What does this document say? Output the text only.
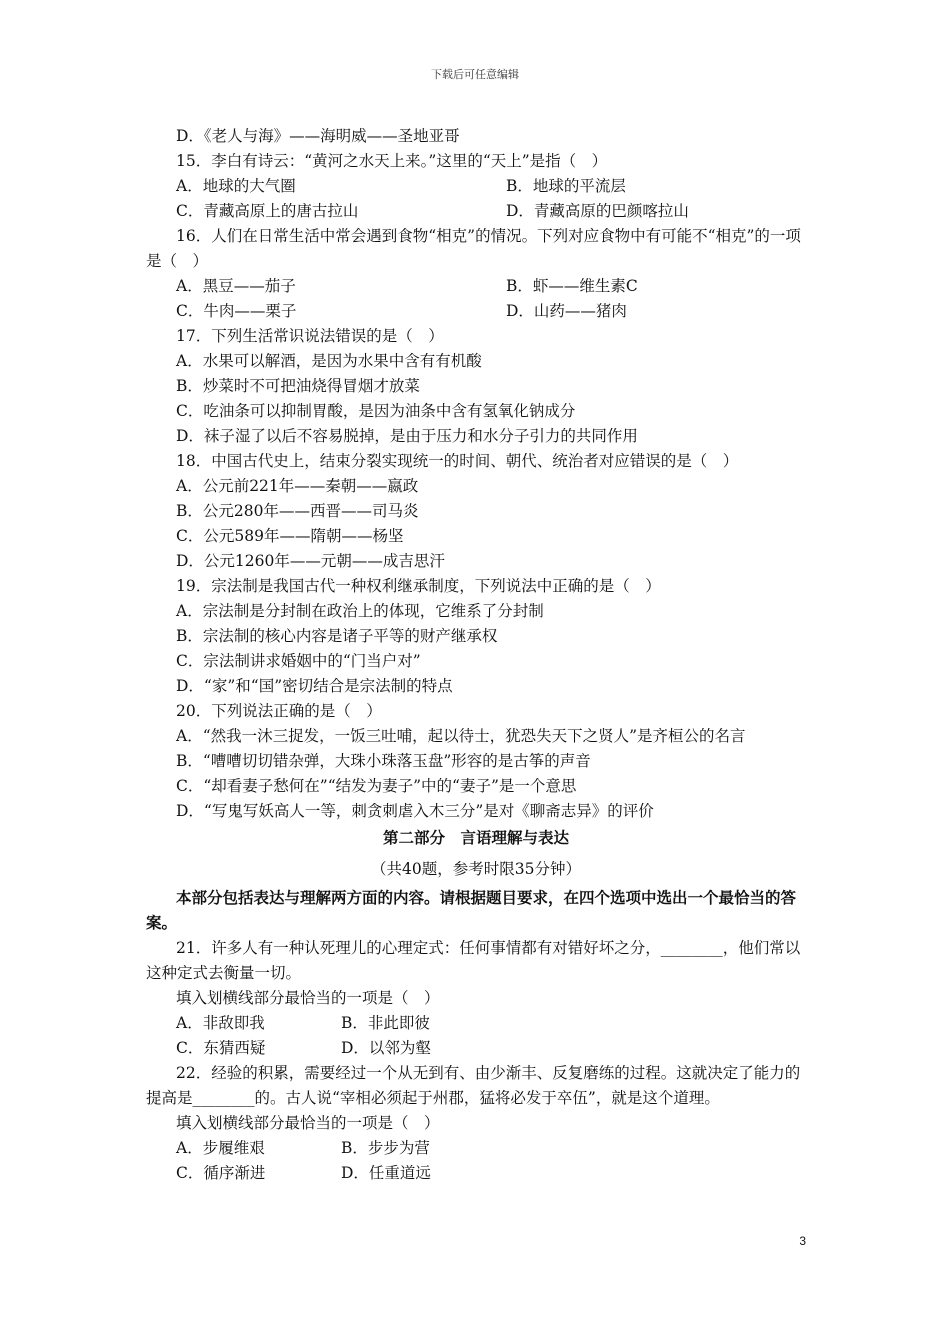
下载后可任意编辑
D．《老人与海》——海明威——圣地亚哥
15．李白有诗云：“黄河之水天上来。”这里的“天上”是指（　）
A．地球的大气圈	B．地球的平流层
C．青藏高原上的唐古拉山	D．青藏高原的巴颜喀拉山
16．人们在日常生活中常会遇到食物“相克”的情况。下列对应食物中有可能不“相克”的一项是（　）
A．黑豆——茄子	B．虾——维生素C
C．牛肉——栗子	D．山药——猪肉
17．下列生活常识说法错误的是（　）
A．水果可以解酒，是因为水果中含有有机酸
B．炒菜时不可把油烧得冒烟才放菜
C．吃油条可以抑制胃酸，是因为油条中含有氢氧化钠成分
D．袜子湿了以后不容易脱掉，是由于压力和水分子引力的共同作用
18．中国古代史上，结束分裂实现统一的时间、朝代、统治者对应错误的是（　）
A．公元前221年——秦朝——嬴政
B．公元280年——西晋——司马炎
C．公元589年——隋朝——杨坚
D．公元1260年——元朝——成吉思汗
19．宗法制是我国古代一种权利继承制度，下列说法中正确的是（　）
A．宗法制是分封制在政治上的体现，它维系了分封制
B．宗法制的核心内容是诸子平等的财产继承权
C．宗法制讲求婚姻中的“门当户对”
D．“家”和“国”密切结合是宗法制的特点
20．下列说法正确的是（　）
A．“然我一沐三捉发，一饭三吐哺，起以待士，犹恐失天下之贤人”是齐桓公的名言
B．“嘈嘈切切错杂弹，大珠小珠落玉盘”形容的是古筝的声音
C．“却看妻子愁何在”“结发为妻子”中的“妻子”是一个意思
D．“写鬼写妖高人一等，刺贪刺虐入木三分”是对《聊斋志异》的评价
第二部分　言语理解与表达
（共40题，参考时限35分钟）
本部分包括表达与理解两方面的内容。请根据题目要求，在四个选项中选出一个最恰当的答案。
21．许多人有一种认死理儿的心理定式：任何事情都有对错好坏之分，________，他们常以这种定式去衡量一切。
填入划横线部分最恰当的一项是（　）
A．非敌即我	B．非此即彼
C．东猜西疑	D．以邻为壑
22．经验的积累，需要经过一个从无到有、由少渐丰、反复磨练的过程。这就决定了能力的提高是________的。古人说“宰相必须起于州郡，猛将必发于卒伍”，就是这个道理。
填入划横线部分最恰当的一项是（　）
A．步履维艰	B．步步为营
C．循序渐进	D．任重道远
3
